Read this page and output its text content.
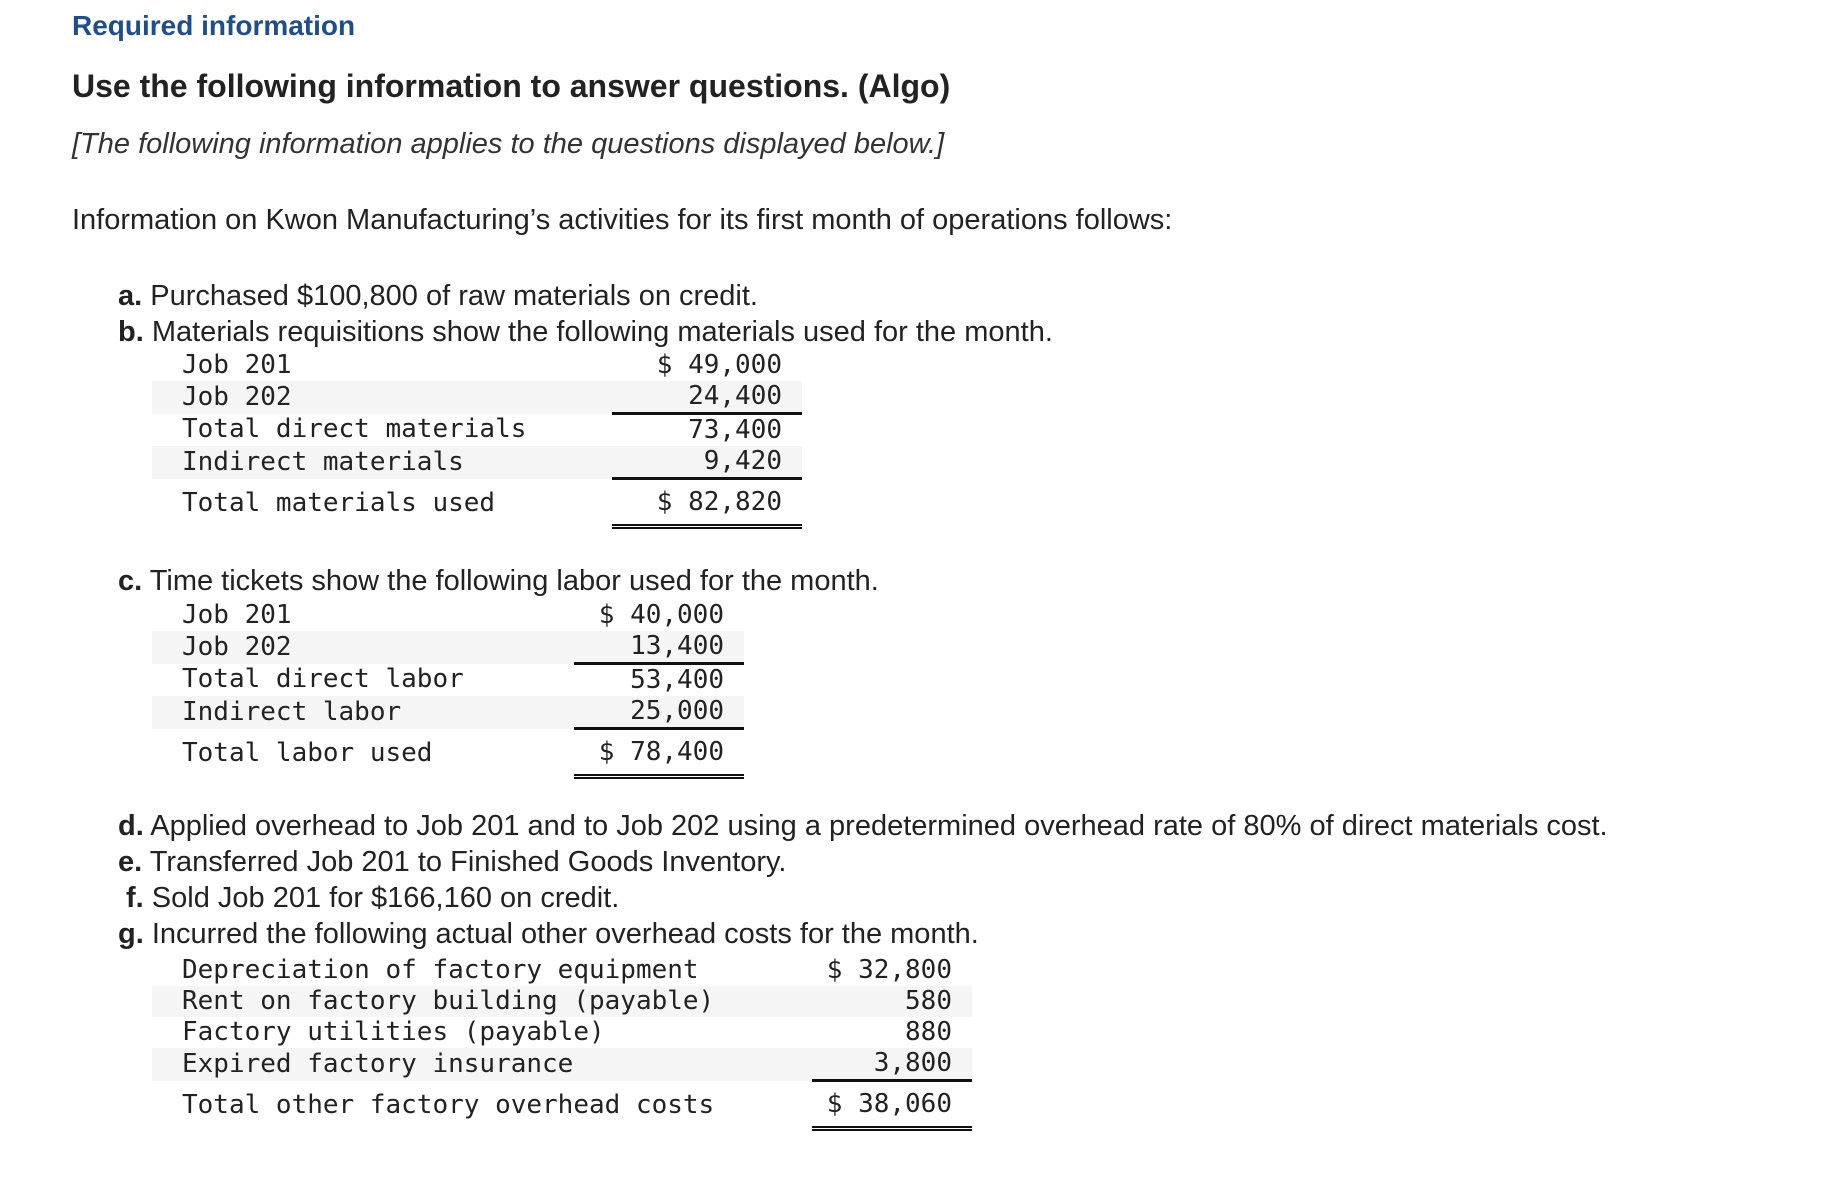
Required information
Use the following information to answer questions. (Algo)
[The following information applies to the questions displayed below.]
Information on Kwon Manufacturing’s activities for its first month of operations follows:
a. Purchased $100,800 of raw materials on credit.
b. Materials requisitions show the following materials used for the month.
Job 201	$ 49,000
Job 202	24,400
Total direct materials	73,400
Indirect materials	9,420
Total materials used	$ 82,820
c. Time tickets show the following labor used for the month.
Job 201	$ 40,000
Job 202	13,400
Total direct labor	53,400
Indirect labor	25,000
Total labor used	$ 78,400
d. Applied overhead to Job 201 and to Job 202 using a predetermined overhead rate of 80% of direct materials cost.
e. Transferred Job 201 to Finished Goods Inventory.
f. Sold Job 201 for $166,160 on credit.
g. Incurred the following actual other overhead costs for the month.
Depreciation of factory equipment	$ 32,800
Rent on factory building (payable)	580
Factory utilities (payable)	880
Expired factory insurance	3,800
Total other factory overhead costs	$ 38,060
